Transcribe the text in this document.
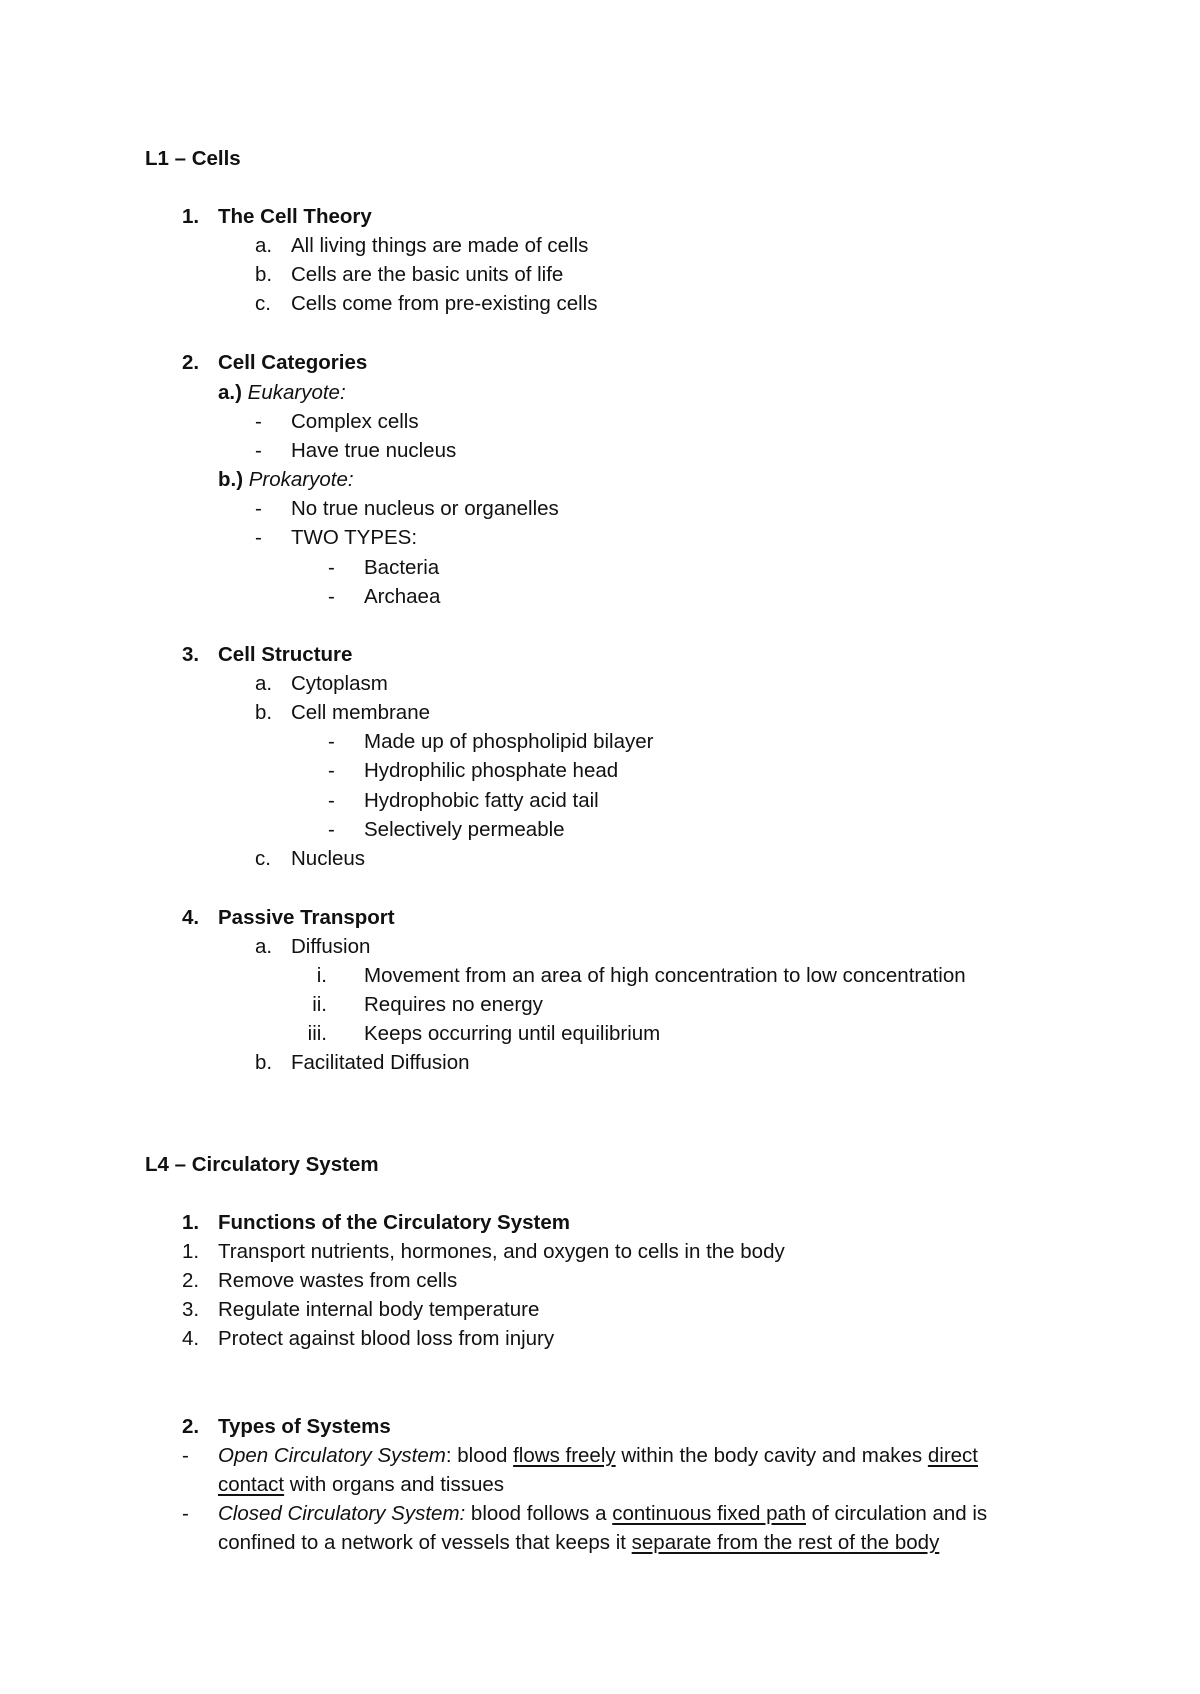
L1 – Cells
1. The Cell Theory
a. All living things are made of cells
b. Cells are the basic units of life
c. Cells come from pre-existing cells
2. Cell Categories
a.) Eukaryote:
- Complex cells
- Have true nucleus
b.) Prokaryote:
- No true nucleus or organelles
- TWO TYPES:
- Bacteria
- Archaea
3. Cell Structure
a. Cytoplasm
b. Cell membrane
- Made up of phospholipid bilayer
- Hydrophilic phosphate head
- Hydrophobic fatty acid tail
- Selectively permeable
c. Nucleus
4. Passive Transport
a. Diffusion
i. Movement from an area of high concentration to low concentration
ii. Requires no energy
iii. Keeps occurring until equilibrium
b. Facilitated Diffusion
L4 – Circulatory System
1. Functions of the Circulatory System
1. Transport nutrients, hormones, and oxygen to cells in the body
2. Remove wastes from cells
3. Regulate internal body temperature
4. Protect against blood loss from injury
2. Types of Systems
- Open Circulatory System: blood flows freely within the body cavity and makes direct
contact with organs and tissues
- Closed Circulatory System: blood follows a continuous fixed path of circulation and is
confined to a network of vessels that keeps it separate from the rest of the body
